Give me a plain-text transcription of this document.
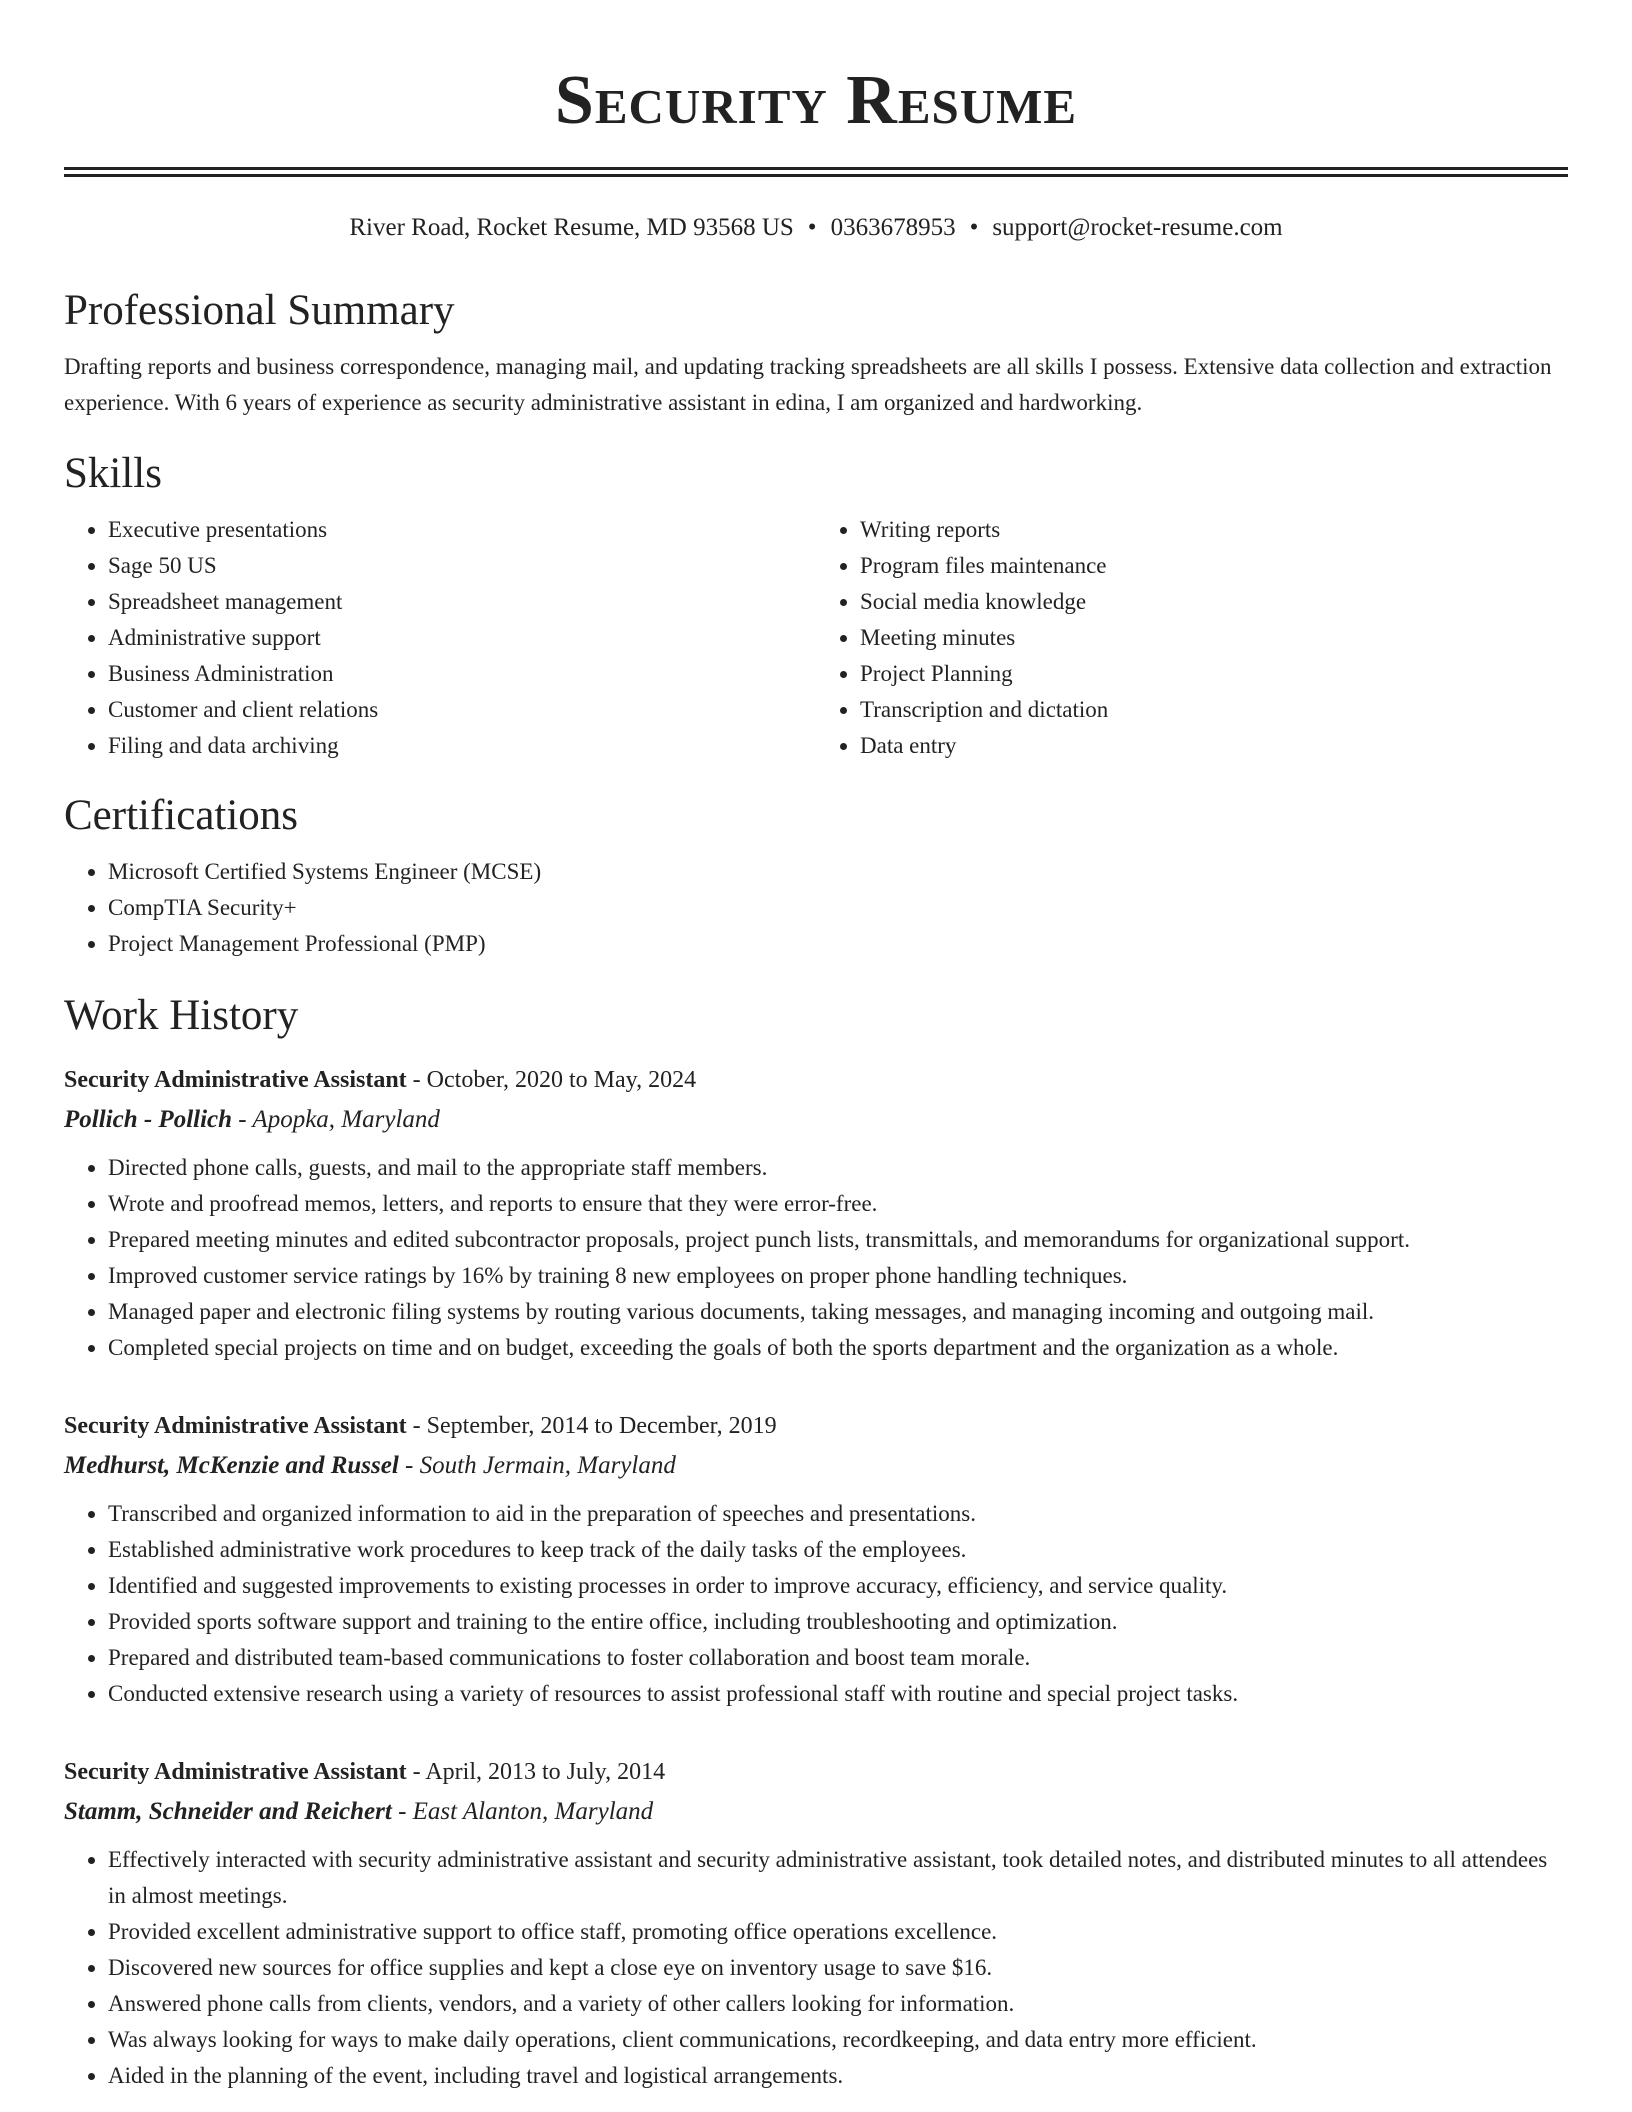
Security Resume
River Road, Rocket Resume, MD 93568 US • 0363678953 • support@rocket-resume.com
Professional Summary

Drafting reports and business correspondence, managing mail, and updating tracking spreadsheets are all skills I possess. Extensive data collection and extraction experience. With 6 years of experience as security administrative assistant in edina, I am organized and hardworking.

Skills
• Executive presentations
• Sage 50 US
• Spreadsheet management
• Administrative support
• Business Administration
• Customer and client relations
• Filing and data archiving
• Writing reports
• Program files maintenance
• Social media knowledge
• Meeting minutes
• Project Planning
• Transcription and dictation
• Data entry
Certifications
• Microsoft Certified Systems Engineer (MCSE)
• CompTIA Security+
• Project Management Professional (PMP)
Work History
Security Administrative Assistant - October, 2020 to May, 2024
Pollich - Pollich - Apopka, Maryland
• Directed phone calls, guests, and mail to the appropriate staff members.
• Wrote and proofread memos, letters, and reports to ensure that they were error-free.
• Prepared meeting minutes and edited subcontractor proposals, project punch lists, transmittals, and memorandums for organizational support.
• Improved customer service ratings by 16% by training 8 new employees on proper phone handling techniques.
• Managed paper and electronic filing systems by routing various documents, taking messages, and managing incoming and outgoing mail.
• Completed special projects on time and on budget, exceeding the goals of both the sports department and the organization as a whole.
Security Administrative Assistant - September, 2014 to December, 2019
Medhurst, McKenzie and Russel - South Jermain, Maryland
• Transcribed and organized information to aid in the preparation of speeches and presentations.
• Established administrative work procedures to keep track of the daily tasks of the employees.
• Identified and suggested improvements to existing processes in order to improve accuracy, efficiency, and service quality.
• Provided sports software support and training to the entire office, including troubleshooting and optimization.
• Prepared and distributed team-based communications to foster collaboration and boost team morale.
• Conducted extensive research using a variety of resources to assist professional staff with routine and special project tasks.
Security Administrative Assistant - April, 2013 to July, 2014
Stamm, Schneider and Reichert - East Alanton, Maryland
• Effectively interacted with security administrative assistant and security administrative assistant, took detailed notes, and distributed minutes to all attendees in almost meetings.
• Provided excellent administrative support to office staff, promoting office operations excellence.
• Discovered new sources for office supplies and kept a close eye on inventory usage to save $16.
• Answered phone calls from clients, vendors, and a variety of other callers looking for information.
• Was always looking for ways to make daily operations, client communications, recordkeeping, and data entry more efficient.
• Aided in the planning of the event, including travel and logistical arrangements.
